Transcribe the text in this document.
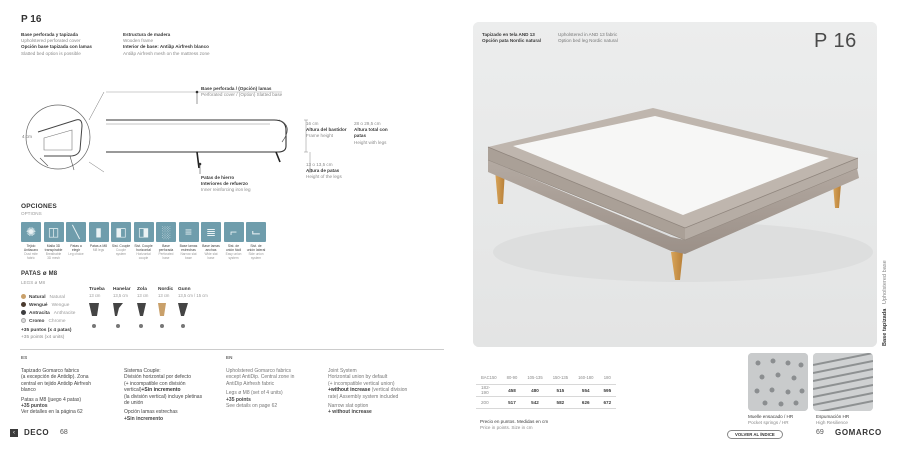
P 16
Base perforada y tapizada
Upholstered perforated cover
Opción base tapizada con lamas
Slatted bed option is possible
Estructura de madera
Wooden frame
Interior de base: Antiãp Airfresh blanco
Antiãp Airfresh mesh on the mattress zone
4 cm
Base perforada / (Opción) lamas
Perforated cover / (Option) Slatted base
16 cm
Altura del bastidor
Frame height
28 o 29,5 cm
Altura total con patas
Height with legs
13 o 13,5 cm
Altura de patas
Height of the legs
Patas de hierro
Interiores de refuerzo
Inner reinforcing iron leg
OPCIONES
OPTIONS
✺
Tejido Antiacaro
Dust mite fabric
◫
Malla 3D transpirable
Breathable 3D mesh
╲
Patas a elegir
Leg choice
▮
Patas a M8
M8 legs
◧
Sist. Couple
Couple system
◨
Sist. Couple horizontal
Horizontal couple
░
Base perforada
Perforated base
≡
Base lamas estrechas
Narrow slat base
≣
Base lamas anchas
Wide slat base
⌐
Sist. de unión fácil
Easy union system
⌙
Sist. de unión lateral
Side union system
PATAS ø M8
LEGS ø M8
Trueba
13 cm
Hanelar
13,5 cm
Zola
13 cm
Nordic
13 cm
Gunn
13,5 cm / 15 cm
Natural Natural
Wengué Wengue
Antracita Anthracite
Cromo Chrome
+35 puntos (x 4 patas)
+35 points (x4 units)
ES	EN
Tapizado Gomarco fabrics
(a excepción de Antidip). Zona
central en tejido Antidip Airfresh
blanco
Patas a M8 (juego 4 patas)
+35 puntos
Ver detalles en la página 62
Sistema Couple:
División horizontal por defecto
(+ incompatible con división
vertical)+Sin incremento
(la división vertical) incluye pletinas
de unión
Opción lamas estrechas
+Sin incremento
Upholstered Gomarco fabrics
except AntiDip. Central zone in
AntiDip Airfresh fabric
Legs ø M8 (set of 4 units)
+35 points
See details on page 62
Joint System
Horizontal union by default
(+ incompatible vertical union)
+without increase (vertical division
rate) Assembly system included
Narrow slat option
+ without increase
‹	DECO 68
Tapizado en tela AND 13
Opción pata Nordic natural
Upholstered in AND 13 fabric
Option bed leg Nordic natural	P 16
Base tapizada Upholstered base
BAC150	80-90	105-135	150-135	160-180	180
182-190	458	480	515	554	595
200	517	542	582	626	672
Precio en puntos. Medidas en cm
Price in points. Size in cm
Muelle ensacado / HR
Pocket springs / HR
Espumación HR
High Resilience
VOLVER AL ÍNDICE	69 GOMARCO
